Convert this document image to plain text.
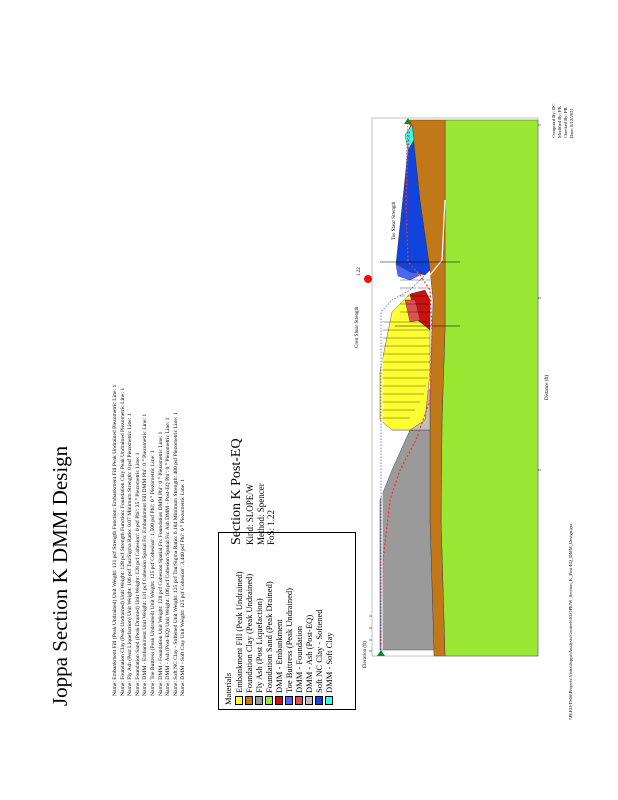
Joppa Section K DMM Design	Name: Embankment Fill (Peak Undrained) Unit Weight: 131 pcf Strength Function: Embankment Fill Peak Undrained Piezometric Line: 1 Name: Foundation Clay (Peak Undrained) Unit Weight: 128 pcf Strength Function: Foundation Clay Peak Undrained Piezometric Line: 1 Name: Fly Ash (Post Liquefaction) Unit Weight: 106 pcf Tau/Sigma Ratio: 0.07 Minimum Strength: 0 psf Piezometric Line: 1 Name: Foundation Sand (Peak Drained) Unit Weight: 128 pcf Cohesion': 0 psf Phi': 35 ° Piezometric Line: 1 Name: DMM - Embankment Unit Weight: 131 pcf Cohesion Spatial Fn: Embankment Fill DMM Phi': 0 ° Piezometric Line: 1 Name: Toe Buttress (Peak Undrained) Unit Weight: 125 pcf Cohesion': 1,500 psf Phi': 0 ° Piezometric Line: 1 Name: DMM - Foundation Unit Weight: 128 pcf Cohesion Spatial Fn: Foundation DMM Phi': 0 ° Piezometric Line: 1 Name: DMM - Ash (Post-EQ) Unit Weight: 106 pcf Cohesion Spatial Fn: Ash DMM - Post-EQ Phi': 0 ° Piezometric Line: 1 Name: Soft NC Clay - Softened Unit Weight: 125 pcf Tau/Sigma Ratio: 0.184 Minimum Strength: 400 psf Piezometric Line: 1 Name: DMM - Soft Clay Unit Weight: 125 pcf Cohesion': 3,440 psf Phi': 0 ° Piezometric Line: 1	Materials Embankment Fill (Peak Undrained) Foundation Clay (Peak Undrained) Fly Ash (Post Liquefaction) Foundation Sand (Peak Drained) DMM - Embankment Toe Buttress (Peak Undrained) DMM - Foundation DMM - Ash (Post-EQ) Soft NC Clay - Softened DMM - Soft Clay
Section K Post-EQ Kind: SLOPE/W Method: Spencer FoS: 1.22
Computed By: DC Modified By: PK Checked By: PB Date: 8/12/2021
\\PLEO-FS06\Projects\Vistra\Joppa\Analysis\Geotech\SLOPE\W_Section_K_Post-EQ_DMM_Design.gsz
1.22
Crest Shear Strength
Toe Shear Strength
Distance (ft)
Elevation (ft)
